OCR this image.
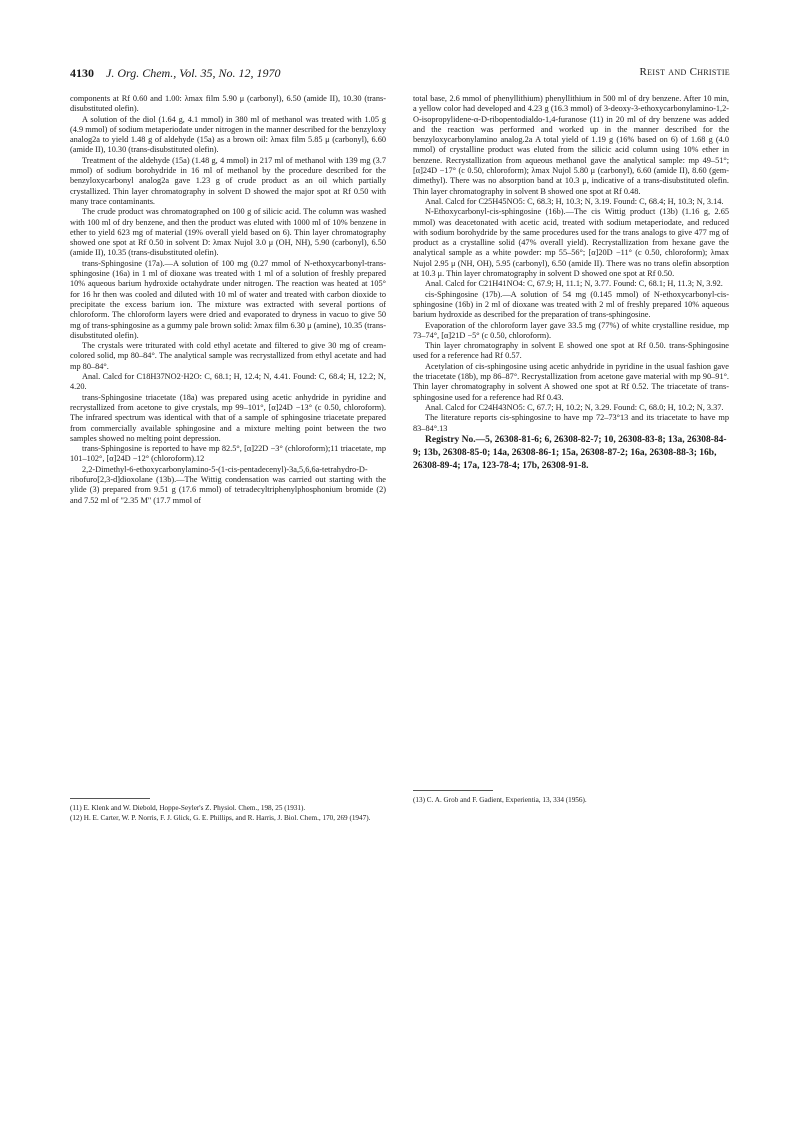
4130 J. Org. Chem., Vol. 35, No. 12, 1970	Reist and Christie

components at Rf 0.60 and 1.00: λmax film 5.90 μ (carbonyl), 6.50 (amide II), 10.30 (trans-disubstituted olefin).

A solution of the diol (1.64 g, 4.1 mmol) in 380 ml of methanol was treated with 1.05 g (4.9 mmol) of sodium metaperiodate under nitrogen in the manner described for the benzyloxy analog2a to yield 1.48 g of aldehyde (15a) as a brown oil: λmax film 5.85 μ (carbonyl), 6.60 (amide II), 10.30 (trans-disubstituted olefin).

Treatment of the aldehyde (15a) (1.48 g, 4 mmol) in 217 ml of methanol with 139 mg (3.7 mmol) of sodium borohydride in 16 ml of methanol by the procedure described for the benzyloxycarbonyl analog2a gave 1.23 g of crude product as an oil which partially crystallized. Thin layer chromatography in solvent D showed the major spot at Rf 0.50 with many trace contaminants.

The crude product was chromatographed on 100 g of silicic acid. The column was washed with 100 ml of dry benzene, and then the product was eluted with 1000 ml of 10% benzene in ether to yield 623 mg of material (19% overall yield based on 6). Thin layer chromatography showed one spot at Rf 0.50 in solvent D: λmax Nujol 3.0 μ (OH, NH), 5.90 (carbonyl), 6.50 (amide II), 10.35 (trans-disubstituted olefin).

trans-Sphingosine (17a).—A solution of 100 mg (0.27 mmol of N-ethoxycarbonyl-trans-sphingosine (16a) in 1 ml of dioxane was treated with 1 ml of a solution of freshly prepared 10% aqueous barium hydroxide octahydrate under nitrogen. The reaction was heated at 105° for 16 hr then was cooled and diluted with 10 ml of water and treated with carbon dioxide to precipitate the excess barium ion. The mixture was extracted with several portions of chloroform. The chloroform layers were dried and evaporated to dryness in vacuo to give 50 mg of trans-sphingosine as a gummy pale brown solid: λmax film 6.30 μ (amine), 10.35 (trans-disubstituted olefin).

The crystals were triturated with cold ethyl acetate and filtered to give 30 mg of cream-colored solid, mp 80–84°. The analytical sample was recrystallized from ethyl acetate and had mp 80–84°.

Anal. Calcd for C18H37NO2·H2O: C, 68.1; H, 12.4; N, 4.41. Found: C, 68.4; H, 12.2; N, 4.20.

trans-Sphingosine triacetate (18a) was prepared using acetic anhydride in pyridine and recrystallized from acetone to give crystals, mp 99–101°, [α]24D −13° (c 0.50, chloroform). The infrared spectrum was identical with that of a sample of sphingosine triacetate prepared from commercially available sphingosine and a mixture melting point between the two samples showed no melting point depression.

trans-Sphingosine is reported to have mp 82.5°, [α]22D −3° (chloroform);11 triacetate, mp 101–102°, [α]24D −12° (chloroform).12

2,2-Dimethyl-6-ethoxycarbonylamino-5-(1-cis-pentadecenyl)-3a,5,6,6a-tetrahydro-D-ribofuro[2,3-d]dioxolane (13b).—The Wittig condensation was carried out starting with the ylide (3) prepared from 9.51 g (17.6 mmol) of tetradecyltriphenylphosphonium bromide (2) and 7.52 ml of "2.35 M" (17.7 mmol of

(11) E. Klenk and W. Diebold, Hoppe-Seyler's Z. Physiol. Chem., 198, 25 (1931).

(12) H. E. Carter, W. P. Norris, F. J. Glick, G. E. Phillips, and R. Harris, J. Biol. Chem., 170, 269 (1947).

total base, 2.6 mmol of phenyllithium) phenyllithium in 500 ml of dry benzene. After 10 min, a yellow color had developed and 4.23 g (16.3 mmol) of 3-deoxy-3-ethoxycarbonylamino-1,2-O-isopropylidene-α-D-ribopentodialdo-1,4-furanose (11) in 20 ml of dry benzene was added and the reaction was performed and worked up in the manner described for the benzyloxycarbonylamino analog.2a A total yield of 1.19 g (16% based on 6) of 1.68 g (4.0 mmol) of crystalline product was eluted from the silicic acid column using 10% ether in benzene. Recrystallization from aqueous methanol gave the analytical sample: mp 49–51°; [α]24D −17° (c 0.50, chloroform); λmax Nujol 5.80 μ (carbonyl), 6.60 (amide II), 8.60 (gem-dimethyl). There was no absorption band at 10.3 μ, indicative of a trans-disubstituted olefin. Thin layer chromatography in solvent B showed one spot at Rf 0.48.

Anal. Calcd for C25H45NO5: C, 68.3; H, 10.3; N, 3.19. Found: C, 68.4; H, 10.3; N, 3.14.

N-Ethoxycarbonyl-cis-sphingosine (16b).—The cis Wittig product (13b) (1.16 g, 2.65 mmol) was deacetonated with acetic acid, treated with sodium metaperiodate, and reduced with sodium borohydride by the same procedures used for the trans analogs to give 477 mg of product as a crystalline solid (47% overall yield). Recrystallization from hexane gave the analytical sample as a white powder: mp 55–56°; [α]20D −11° (c 0.50, chloroform); λmax Nujol 2.95 μ (NH, OH), 5.95 (carbonyl), 6.50 (amide II). There was no trans olefin absorption at 10.3 μ. Thin layer chromatography in solvent D showed one spot at Rf 0.50.

Anal. Calcd for C21H41NO4: C, 67.9; H, 11.1; N, 3.77. Found: C, 68.1; H, 11.3; N, 3.92.

cis-Sphingosine (17b).—A solution of 54 mg (0.145 mmol) of N-ethoxycarbonyl-cis-sphingosine (16b) in 2 ml of dioxane was treated with 2 ml of freshly prepared 10% aqueous barium hydroxide as described for the preparation of trans-sphingosine.

Evaporation of the chloroform layer gave 33.5 mg (77%) of white crystalline residue, mp 73–74°, [α]21D −5° (c 0.50, chloroform).

Thin layer chromatography in solvent E showed one spot at Rf 0.50. trans-Sphingosine used for a reference had Rf 0.57.

Acetylation of cis-sphingosine using acetic anhydride in pyridine in the usual fashion gave the triacetate (18b), mp 86–87°. Recrystallization from acetone gave material with mp 90–91°. Thin layer chromatography in solvent A showed one spot at Rf 0.52. The triacetate of trans-sphingosine used for a reference had Rf 0.43.

Anal. Calcd for C24H43NO5: C, 67.7; H, 10.2; N, 3.29. Found: C, 68.0; H, 10.2; N, 3.37.

The literature reports cis-sphingosine to have mp 72–73°13 and its triacetate to have mp 83–84°.13

Registry No.—5, 26308-81-6; 6, 26308-82-7; 10, 26308-83-8; 13a, 26308-84-9; 13b, 26308-85-0; 14a, 26308-86-1; 15a, 26308-87-2; 16a, 26308-88-3; 16b, 26308-89-4; 17a, 123-78-4; 17b, 26308-91-8.

(13) C. A. Grob and F. Gadient, Experientia, 13, 334 (1956).
